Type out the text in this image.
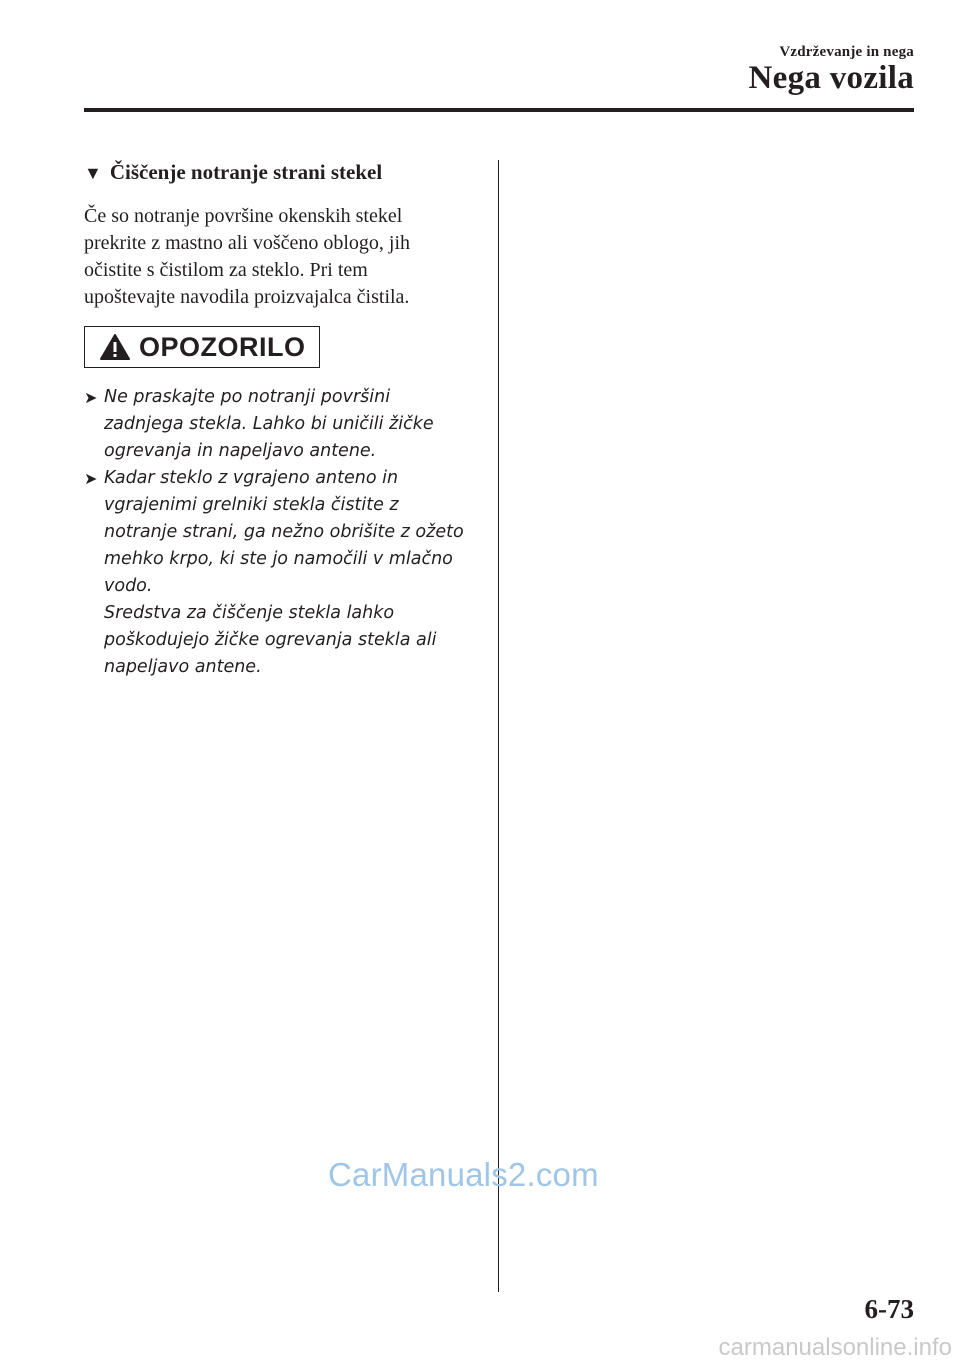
Vzdrževanje in nega
Nega vozila
▼ Čiščenje notranje strani stekel
Če so notranje površine okenskih stekel
prekrite z mastno ali voščeno oblogo, jih
očistite s čistilom za steklo. Pri tem
upoštevajte navodila proizvajalca čistila.
OPOZORILO
➤ Ne praskajte po notranji površini
zadnjega stekla. Lahko bi uničili žičke
ogrevanja in napeljavo antene.
➤ Kadar steklo z vgrajeno anteno in
vgrajenimi grelniki stekla čistite z
notranje strani, ga nežno obrišite z ožeto
mehko krpo, ki ste jo namočili v mlačno
vodo.
Sredstva za čiščenje stekla lahko
poškodujejo žičke ogrevanja stekla ali
napeljavo antene.
CarManuals2.com
6-73
carmanualsonline.info
